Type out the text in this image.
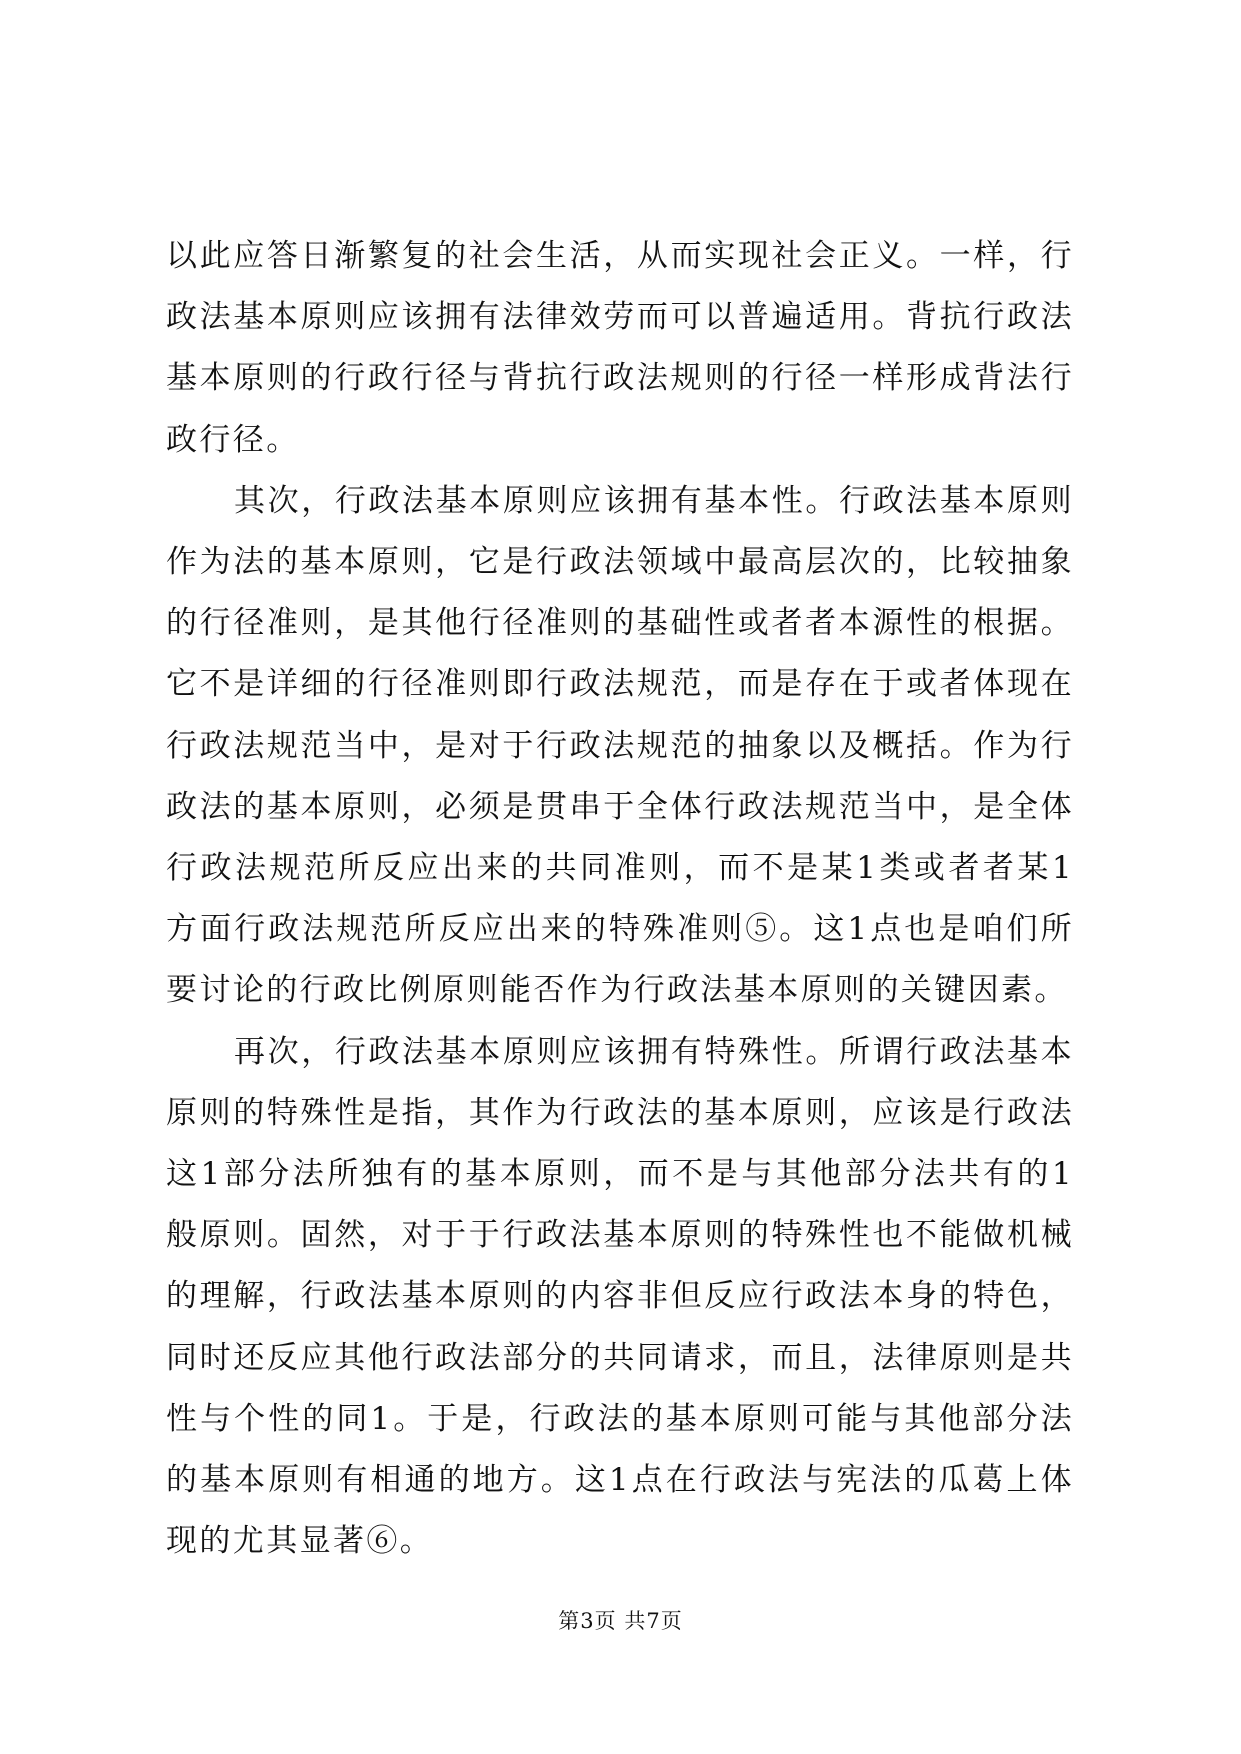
以此应答日渐繁复的社会生活，从而实现社会正义。一样，行政法基本原则应该拥有法律效劳而可以普遍适用。背抗行政法基本原则的行政行径与背抗行政法规则的行径一样形成背法行政行径。

其次，行政法基本原则应该拥有基本性。行政法基本原则作为法的基本原则，它是行政法领域中最高层次的，比较抽象的行径准则，是其他行径准则的基础性或者者本源性的根据。它不是详细的行径准则即行政法规范，而是存在于或者体现在行政法规范当中，是对于行政法规范的抽象以及概括。作为行政法的基本原则，必须是贯串于全体行政法规范当中，是全体行政法规范所反应出来的共同准则，而不是某1类或者者某1方面行政法规范所反应出来的特殊准则⑤。这1点也是咱们所要讨论的行政比例原则能否作为行政法基本原则的关键因素。

再次，行政法基本原则应该拥有特殊性。所谓行政法基本原则的特殊性是指，其作为行政法的基本原则，应该是行政法这1部分法所独有的基本原则，而不是与其他部分法共有的1般原则。固然，对于于行政法基本原则的特殊性也不能做机械的理解，行政法基本原则的内容非但反应行政法本身的特色，同时还反应其他行政法部分的共同请求，而且，法律原则是共性与个性的同1。于是，行政法的基本原则可能与其他部分法的基本原则有相通的地方。这1点在行政法与宪法的瓜葛上体现的尤其显著⑥。

第3页 共7页
